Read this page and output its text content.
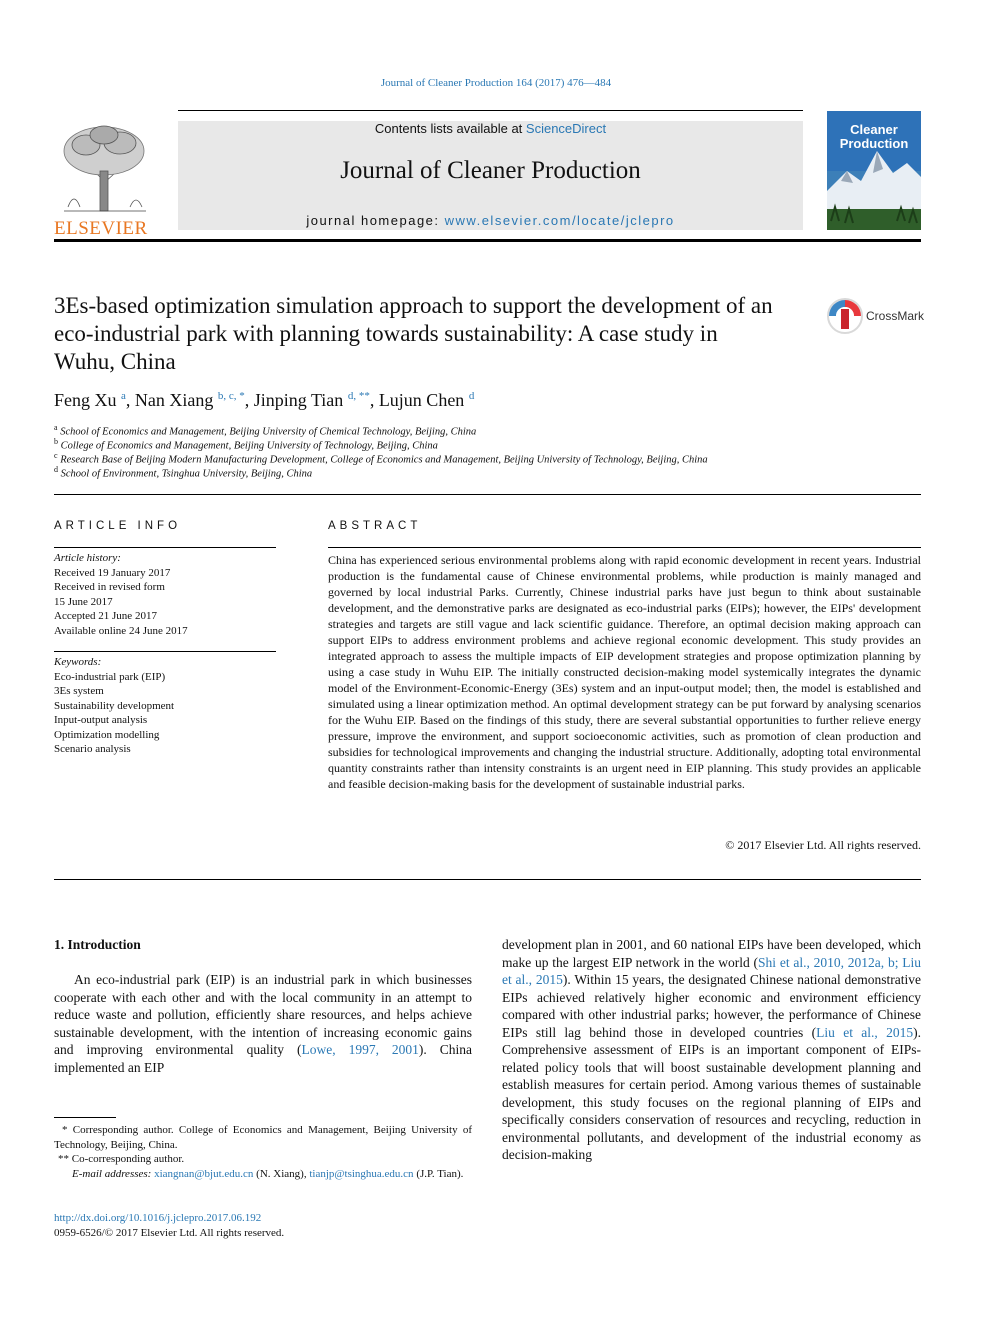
Journal of Cleaner Production 164 (2017) 476—484
ELSEVIER
Contents lists available at ScienceDirect
Journal of Cleaner Production
journal homepage: www.elsevier.com/locate/jclepro
Cleaner
Production
3Es-based optimization simulation approach to support the development of an eco-industrial park with planning towards sustainability: A case study in Wuhu, China
CrossMark
Feng Xu $^a$, Nan Xiang $^{b, c, *}$, Jinping Tian $^{d, **}$, Lujun Chen $^d$
$^a$ School of Economics and Management, Beijing University of Chemical Technology, Beijing, China
$^b$ College of Economics and Management, Beijing University of Technology, Beijing, China
$^c$ Research Base of Beijing Modern Manufacturing Development, College of Economics and Management, Beijing University of Technology, Beijing, China
$^d$ School of Environment, Tsinghua University, Beijing, China
ARTICLE INFO
Article history:
Received 19 January 2017
Received in revised form
15 June 2017
Accepted 21 June 2017
Available online 24 June 2017
Keywords:
Eco-industrial park (EIP)
3Es system
Sustainability development
Input-output analysis
Optimization modelling
Scenario analysis
ABSTRACT
China has experienced serious environmental problems along with rapid economic development in recent years. Industrial production is the fundamental cause of Chinese environmental problems, while production is mainly managed and governed by local industrial Parks. Currently, Chinese industrial parks have just begun to think about sustainable development, and the demonstrative parks are designated as eco-industrial parks (EIPs); however, the EIPs' development strategies and targets are still vague and lack scientific guidance. Therefore, an optimal decision making approach can support EIPs to address environment problems and achieve regional economic development. This study provides an integrated approach to assess the multiple impacts of EIP development strategies and propose optimization planning by using a case study in Wuhu EIP. The initially constructed decision-making model systemically integrates the dynamic model of the Environment-Economic-Energy (3Es) system and an input-output model; then, the model is established and simulated using a linear optimization method. An optimal development strategy can be put forward by analysing scenarios for the Wuhu EIP. Based on the findings of this study, there are several substantial opportunities to further relieve energy pressure, improve the environment, and support socioeconomic activities, such as promotion of clean production and subsidies for technological improvements and changing the industrial structure. Additionally, adopting total environmental quantity constraints rather than intensity constraints is an urgent need in EIP planning. This study provides an applicable and feasible decision-making basis for the development of sustainable industrial parks.
© 2017 Elsevier Ltd. All rights reserved.
1. Introduction
An eco-industrial park (EIP) is an industrial park in which businesses cooperate with each other and with the local community in an attempt to reduce waste and pollution, efficiently share resources, and helps achieve sustainable development, with the intention of increasing economic gains and improving environmental quality (Lowe, 1997, 2001). China implemented an EIP
development plan in 2001, and 60 national EIPs have been developed, which make up the largest EIP network in the world (Shi et al., 2010, 2012a, b; Liu et al., 2015). Within 15 years, the designated Chinese national demonstrative EIPs achieved relatively higher economic and environment efficiency compared with other industrial parks; however, the performance of Chinese EIPs still lag behind those in developed countries (Liu et al., 2015). Comprehensive assessment of EIPs is an important component of EIPs-related policy tools that will boost sustainable development planning and establish measures for certain period. Among various themes of sustainable development, this study focuses on the regional planning of EIPs and specifically considers conservation of resources and recycling, reduction in environmental pollutants, and development of the industrial economy as decision-making
* Corresponding author. College of Economics and Management, Beijing University of Technology, Beijing, China.
** Co-corresponding author.
E-mail addresses: xiangnan@bjut.edu.cn (N. Xiang), tianjp@tsinghua.edu.cn (J.P. Tian).
http://dx.doi.org/10.1016/j.jclepro.2017.06.192
0959-6526/© 2017 Elsevier Ltd. All rights reserved.
